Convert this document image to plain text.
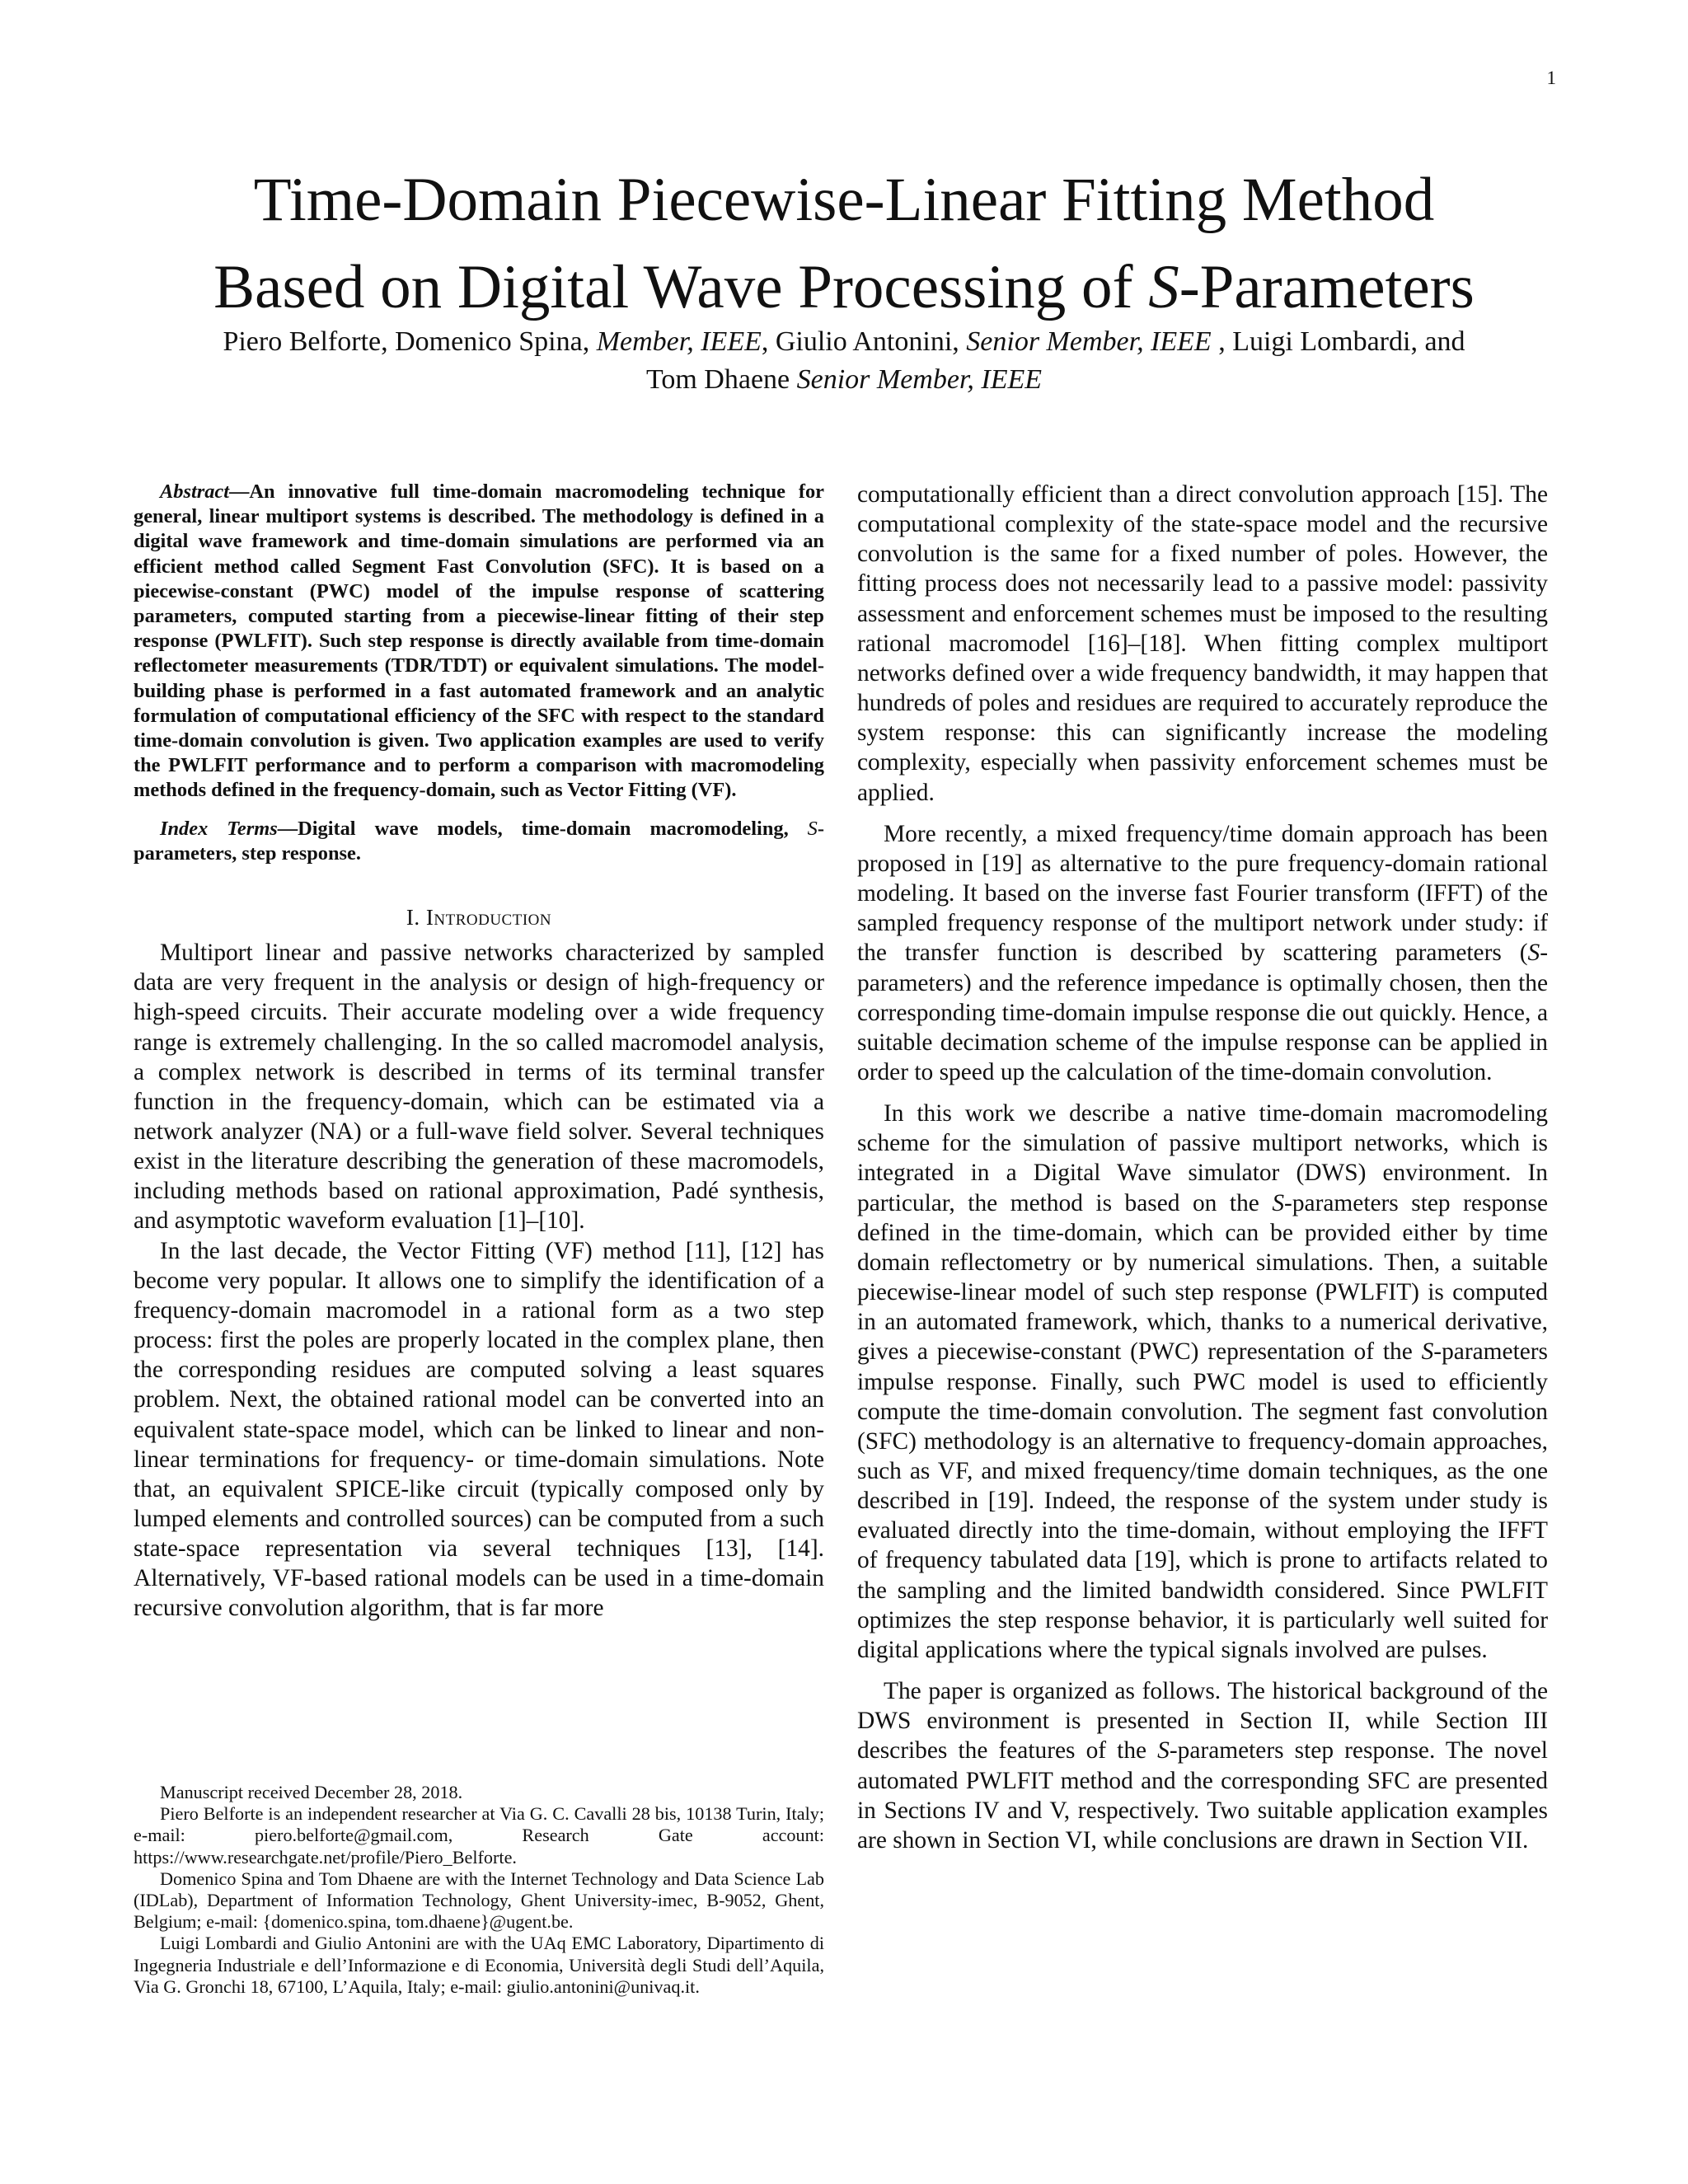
1
Time-Domain Piecewise-Linear Fitting Method
Based on Digital Wave Processing of S-Parameters
Piero Belforte, Domenico Spina, Member, IEEE, Giulio Antonini, Senior Member, IEEE , Luigi Lombardi, and
Tom Dhaene Senior Member, IEEE

Abstract—An innovative full time-domain macromodeling technique for general, linear multiport systems is described. The methodology is defined in a digital wave framework and time-domain simulations are performed via an efficient method called Segment Fast Convolution (SFC). It is based on a piecewise-constant (PWC) model of the impulse response of scattering parameters, computed starting from a piecewise-linear fitting of their step response (PWLFIT). Such step response is directly available from time-domain reflectometer measurements (TDR/TDT) or equivalent simulations. The model-building phase is performed in a fast automated framework and an analytic formulation of computational efficiency of the SFC with respect to the standard time-domain convolution is given. Two application examples are used to verify the PWLFIT performance and to perform a comparison with macromodeling methods defined in the frequency-domain, such as Vector Fitting (VF).

Index Terms—Digital wave models, time-domain macromodeling, S-parameters, step response.

I. Introduction

Multiport linear and passive networks characterized by sampled data are very frequent in the analysis or design of high-frequency or high-speed circuits. Their accurate modeling over a wide frequency range is extremely challenging. In the so called macromodel analysis, a complex network is described in terms of its terminal transfer function in the frequency-domain, which can be estimated via a network analyzer (NA) or a full-wave field solver. Several techniques exist in the literature describing the generation of these macromodels, including methods based on rational approximation, Padé synthesis, and asymptotic waveform evaluation [1]–[10].

In the last decade, the Vector Fitting (VF) method [11], [12] has become very popular. It allows one to simplify the identification of a frequency-domain macromodel in a rational form as a two step process: first the poles are properly located in the complex plane, then the corresponding residues are computed solving a least squares problem. Next, the obtained rational model can be converted into an equivalent state-space model, which can be linked to linear and non-linear terminations for frequency- or time-domain simulations. Note that, an equivalent SPICE-like circuit (typically composed only by lumped elements and controlled sources) can be computed from a such state-space representation via several techniques [13], [14]. Alternatively, VF-based rational models can be used in a time-domain recursive convolution algorithm, that is far more

Manuscript received December 28, 2018.

Piero Belforte is an independent researcher at Via G. C. Cavalli 28 bis, 10138 Turin, Italy; e-mail: piero.belforte@gmail.com, Research Gate account: https://www.researchgate.net/profile/Piero_Belforte.

Domenico Spina and Tom Dhaene are with the Internet Technology and Data Science Lab (IDLab), Department of Information Technology, Ghent University-imec, B-9052, Ghent, Belgium; e-mail: {domenico.spina, tom.dhaene}@ugent.be.

Luigi Lombardi and Giulio Antonini are with the UAq EMC Laboratory, Dipartimento di Ingegneria Industriale e dell’Informazione e di Economia, Università degli Studi dell’Aquila, Via G. Gronchi 18, 67100, L’Aquila, Italy; e-mail: giulio.antonini@univaq.it.

computationally efficient than a direct convolution approach [15]. The computational complexity of the state-space model and the recursive convolution is the same for a fixed number of poles. However, the fitting process does not necessarily lead to a passive model: passivity assessment and enforcement schemes must be imposed to the resulting rational macromodel [16]–[18]. When fitting complex multiport networks defined over a wide frequency bandwidth, it may happen that hundreds of poles and residues are required to accurately reproduce the system response: this can significantly increase the modeling complexity, especially when passivity enforcement schemes must be applied.

More recently, a mixed frequency/time domain approach has been proposed in [19] as alternative to the pure frequency-domain rational modeling. It based on the inverse fast Fourier transform (IFFT) of the sampled frequency response of the multiport network under study: if the transfer function is described by scattering parameters (S-parameters) and the reference impedance is optimally chosen, then the corresponding time-domain impulse response die out quickly. Hence, a suitable decimation scheme of the impulse response can be applied in order to speed up the calculation of the time-domain convolution.

In this work we describe a native time-domain macromodeling scheme for the simulation of passive multiport networks, which is integrated in a Digital Wave simulator (DWS) environment. In particular, the method is based on the S-parameters step response defined in the time-domain, which can be provided either by time domain reflectometry or by numerical simulations. Then, a suitable piecewise-linear model of such step response (PWLFIT) is computed in an automated framework, which, thanks to a numerical derivative, gives a piecewise-constant (PWC) representation of the S-parameters impulse response. Finally, such PWC model is used to efficiently compute the time-domain convolution. The segment fast convolution (SFC) methodology is an alternative to frequency-domain approaches, such as VF, and mixed frequency/time domain techniques, as the one described in [19]. Indeed, the response of the system under study is evaluated directly into the time-domain, without employing the IFFT of frequency tabulated data [19], which is prone to artifacts related to the sampling and the limited bandwidth considered. Since PWLFIT optimizes the step response behavior, it is particularly well suited for digital applications where the typical signals involved are pulses.

The paper is organized as follows. The historical background of the DWS environment is presented in Section II, while Section III describes the features of the S-parameters step response. The novel automated PWLFIT method and the corresponding SFC are presented in Sections IV and V, respectively. Two suitable application examples are shown in Section VI, while conclusions are drawn in Section VII.
